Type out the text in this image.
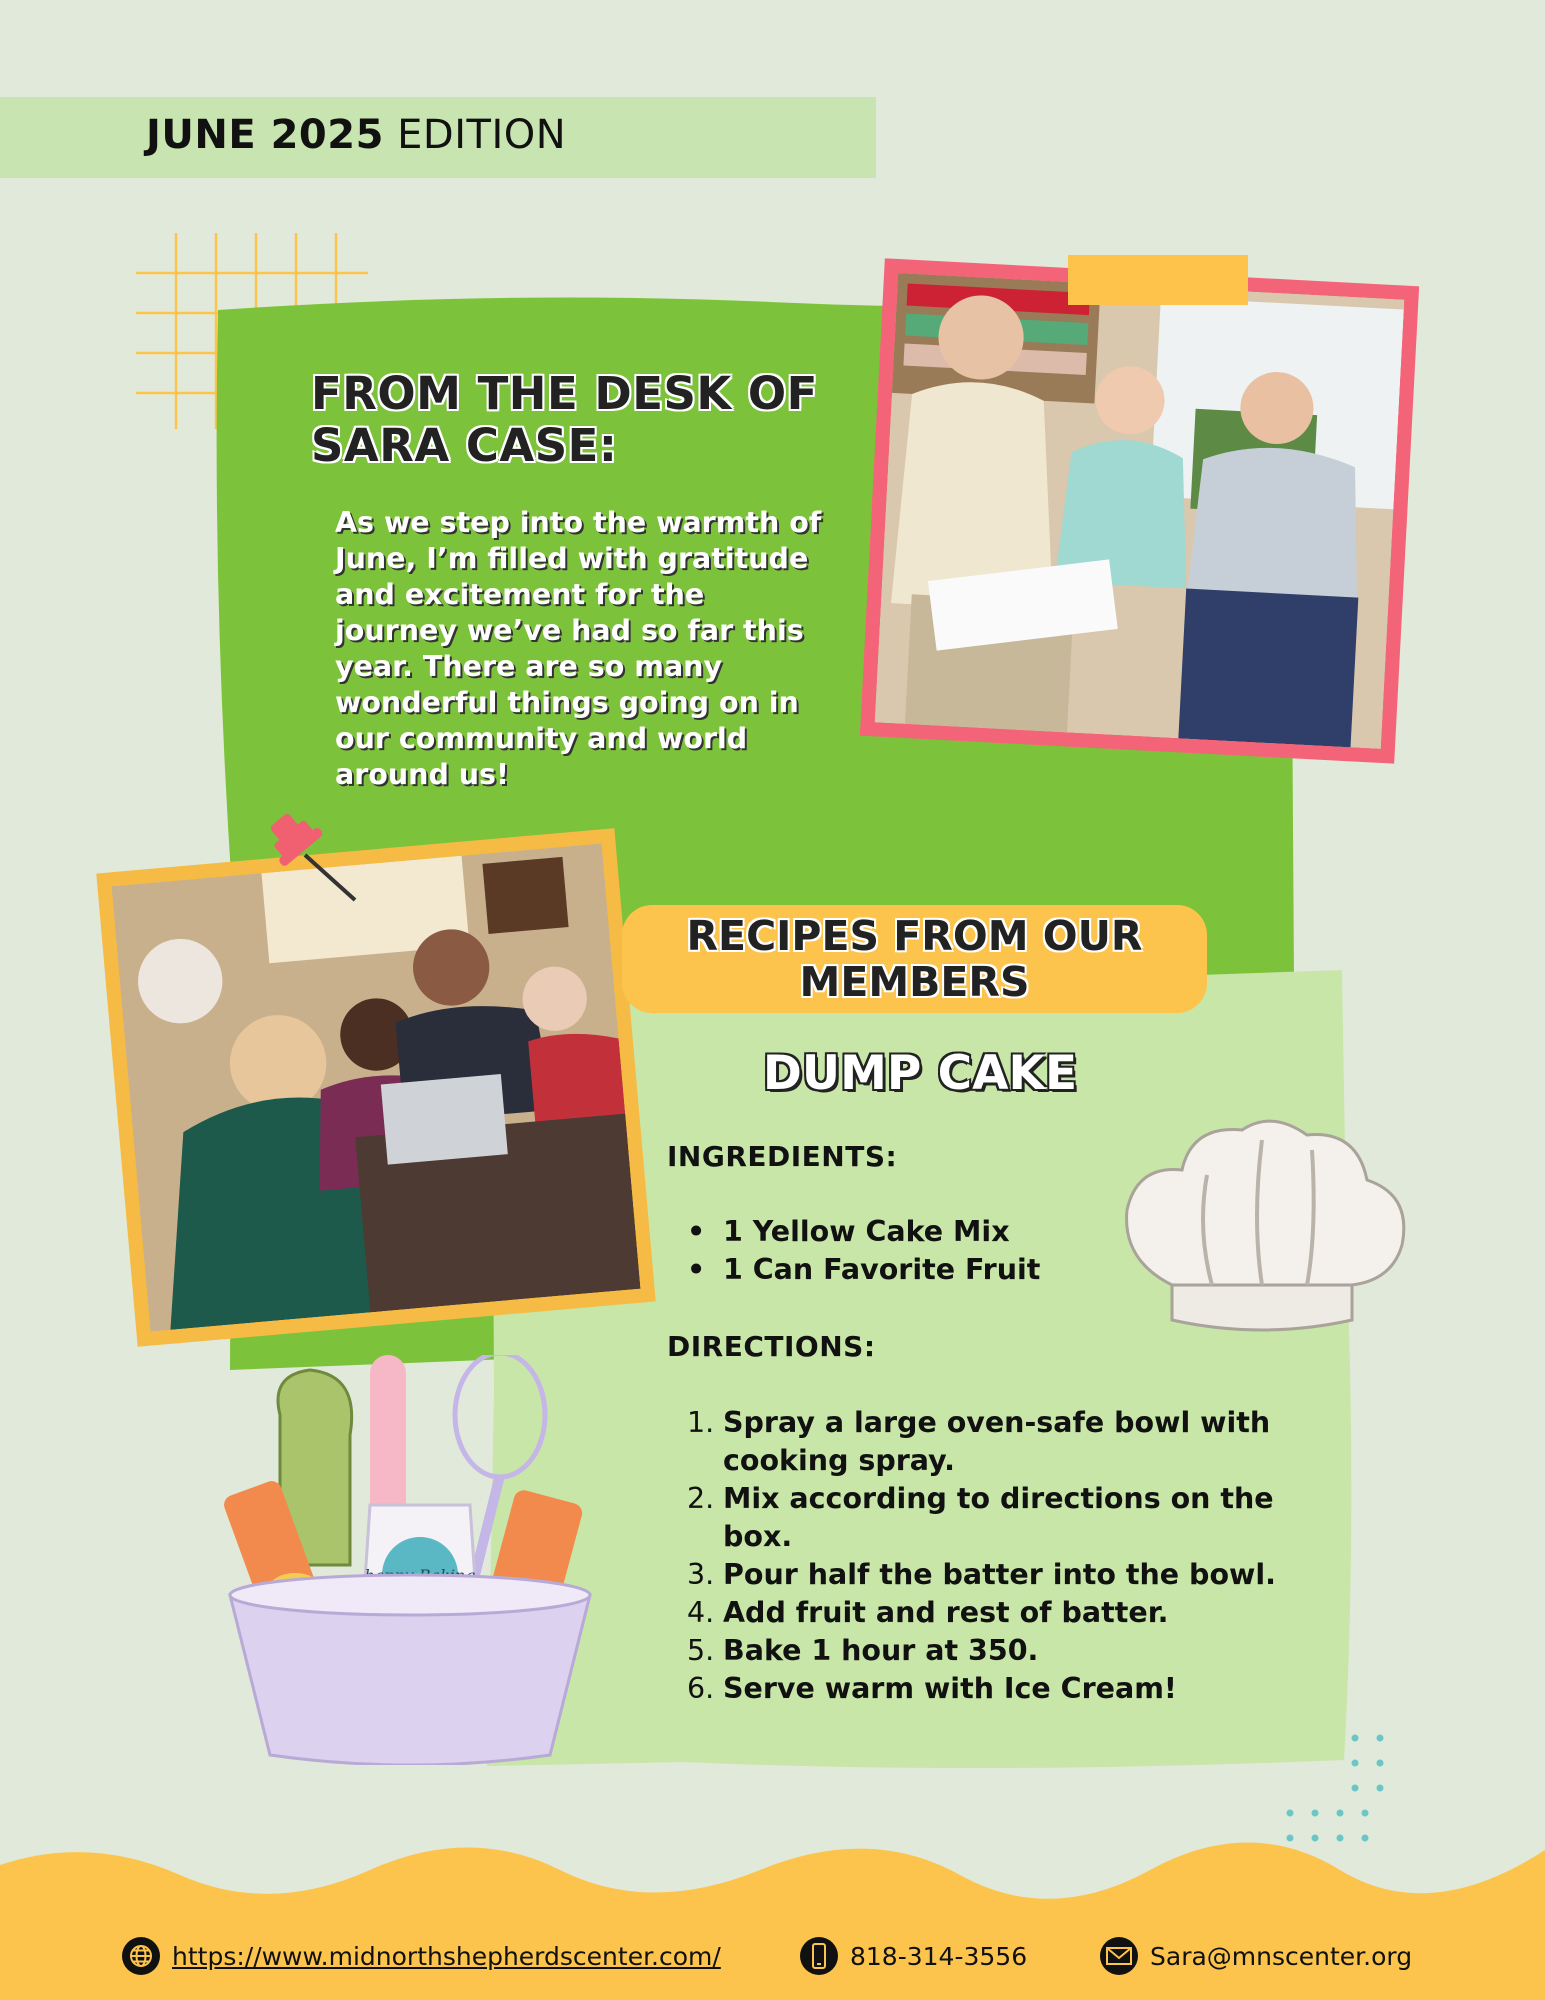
JUNE 2025 EDITION
FROM THE DESK OF SARA CASE:
As we step into the warmth of June, I’m filled with gratitude and excitement for the journey we’ve had so far this year. There are so many wonderful things going on in our community and world around us!
RECIPES FROM OUR MEMBERS
DUMP CAKE
INGREDIENTS:
• 1 Yellow Cake Mix
• 1 Can Favorite Fruit
DIRECTIONS:
1. Spray a large oven-safe bowl with cooking spray.
2. Mix according to directions on the box.
3. Pour half the batter into the bowl.
4. Add fruit and rest of batter.
5. Bake 1 hour at 350.
6. Serve warm with Ice Cream!
https://www.midnorthshepherdscenter.com/	818-314-3556	Sara@mnscenter.org
